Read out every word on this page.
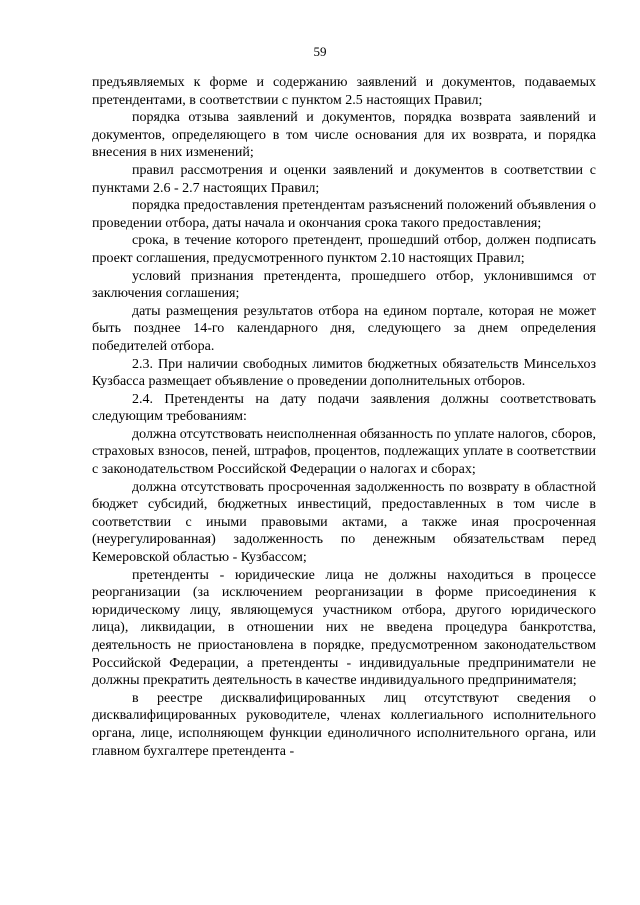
59

предъявляемых к форме и содержанию заявлений и документов, подаваемых претендентами, в соответствии с пунктом 2.5 настоящих Правил;

порядка отзыва заявлений и документов, порядка возврата заявлений и документов, определяющего в том числе основания для их возврата, и порядка внесения в них изменений;

правил рассмотрения и оценки заявлений и документов в соответствии с пунктами 2.6 - 2.7 настоящих Правил;

порядка предоставления претендентам разъяснений положений объявления о проведении отбора, даты начала и окончания срока такого предоставления;

срока, в течение которого претендент, прошедший отбор, должен подписать проект соглашения, предусмотренного пунктом 2.10 настоящих Правил;

условий признания претендента, прошедшего отбор, уклонившимся от заключения соглашения;

даты размещения результатов отбора на едином портале, которая не может быть позднее 14-го календарного дня, следующего за днем определения победителей отбора.

2.3. При наличии свободных лимитов бюджетных обязательств Минсельхоз Кузбасса размещает объявление о проведении дополнительных отборов.

2.4. Претенденты на дату подачи заявления должны соответствовать следующим требованиям:

должна отсутствовать неисполненная обязанность по уплате налогов, сборов, страховых взносов, пеней, штрафов, процентов, подлежащих уплате в соответствии с законодательством Российской Федерации о налогах и сборах;

должна отсутствовать просроченная задолженность по возврату в областной бюджет субсидий, бюджетных инвестиций, предоставленных в том числе в соответствии с иными правовыми актами, а также иная просроченная (неурегулированная) задолженность по денежным обязательствам перед Кемеровской областью - Кузбассом;

претенденты - юридические лица не должны находиться в процессе реорганизации (за исключением реорганизации в форме присоединения к юридическому лицу, являющемуся участником отбора, другого юридического лица), ликвидации, в отношении них не введена процедура банкротства, деятельность не приостановлена в порядке, предусмотренном законодательством Российской Федерации, а претенденты - индивидуальные предприниматели не должны прекратить деятельность в качестве индивидуального предпринимателя;

в реестре дисквалифицированных лиц отсутствуют сведения о дисквалифицированных руководителе, членах коллегиального исполнительного органа, лице, исполняющем функции единоличного исполнительного органа, или главном бухгалтере претендента -
